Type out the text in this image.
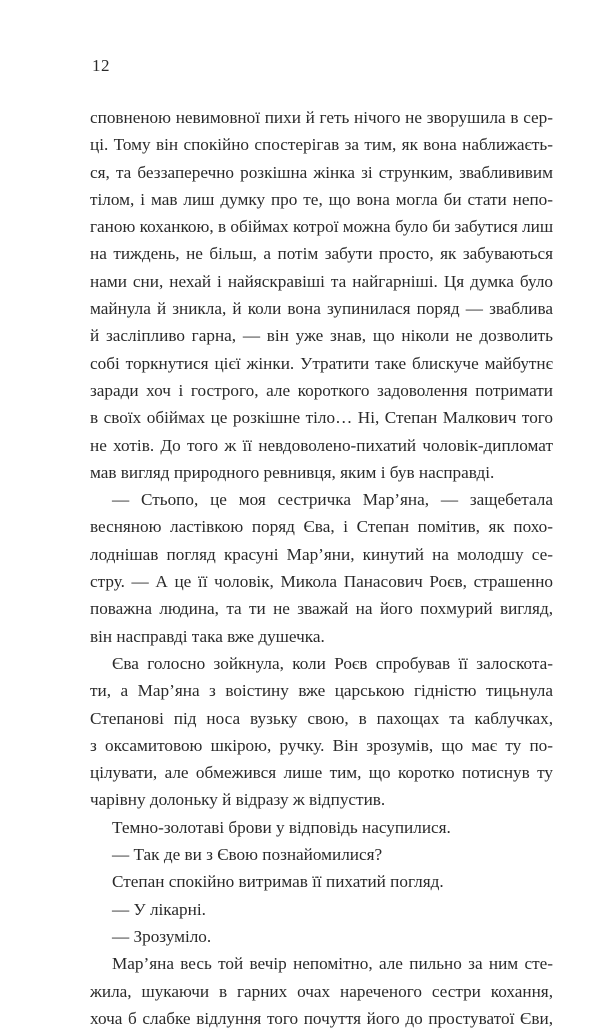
12
сповненою невимовної пихи й геть нічого не зворушила в сер-
ці. Тому він спокійно спостерігав за тим, як вона наближаєть-
ся, та беззаперечно розкішна жінка зі струнким, зваблививим
тілом, і мав лиш думку про те, що вона могла би стати непо-
ганою коханкою, в обіймах котрої можна було би забутися лиш
на тиждень, не більш, а потім забути просто, як забуваються
нами сни, нехай і найяскравіші та найгарніші. Ця думка було
майнула й зникла, й коли вона зупинилася поряд — зваблива
й засліпливо гарна, — він уже знав, що ніколи не дозволить
собі торкнутися цієї жінки. Утратити таке блискуче майбутнє
заради хоч і гострого, але короткого задоволення потримати
в своїх обіймах це розкішне тіло… Ні, Степан Малкович того
не хотів. До того ж її невдоволено-пихатий чоловік-дипломат
мав вигляд природного ревнивця, яким і був насправді.
— Стьопо, це моя сестричка Мар’яна, — защебетала
весняною ластівкою поряд Єва, і Степан помітив, як похо-
лоднішав погляд красуні Мар’яни, кинутий на молодшу се-
стру. — А це її чоловік, Микола Панасович Роєв, страшенно
поважна людина, та ти не зважай на його похмурий вигляд,
він насправді така вже душечка.
Єва голосно зойкнула, коли Роєв спробував її залоскота-
ти, а Мар’яна з воістину вже царською гідністю тицьнула
Степанові під носа вузьку свою, в пахощах та каблучках,
з оксамитовою шкірою, ручку. Він зрозумів, що має ту по-
цілувати, але обмежився лише тим, що коротко потиснув ту
чарівну долоньку й відразу ж відпустив.
Темно-золотаві брови у відповідь насупилися.
— Так де ви з Євою познайомилися?
Степан спокійно витримав її пихатий погляд.
— У лікарні.
— Зрозуміло.
Мар’яна весь той вечір непомітно, але пильно за ним сте-
жила, шукаючи в гарних очах нареченого сестри кохання,
хоча б слабке відлуння того почуття його до простуватої Єви,
